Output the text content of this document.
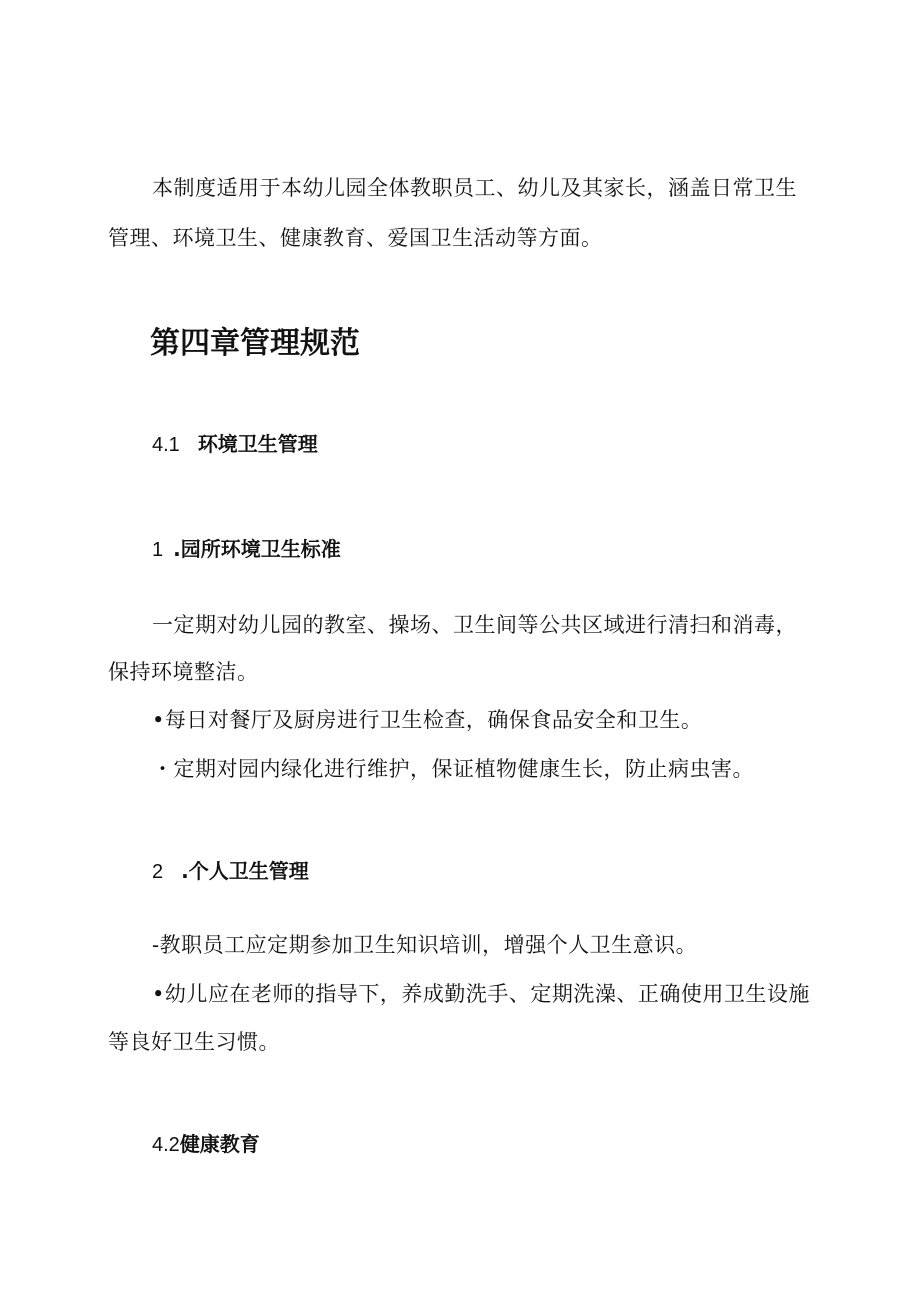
本制度适用于本幼儿园全体教职员工、幼儿及其家长，涵盖日常卫生

管理、环境卫生、健康教育、爱国卫生活动等方面。

第四章管理规范
4.1 环境卫生管理
1 .园所环境卫生标准

一定期对幼儿园的教室、操场、卫生间等公共区域进行清扫和消毒，

保持环境整洁。

•每日对餐厅及厨房进行卫生检查，确保食品安全和卫生。

・定期对园内绿化进行维护，保证植物健康生长，防止病虫害。

2 .个人卫生管理

-教职员工应定期参加卫生知识培训，增强个人卫生意识。

•幼儿应在老师的指导下，养成勤洗手、定期洗澡、正确使用卫生设施

等良好卫生习惯。

4.2健康教育
